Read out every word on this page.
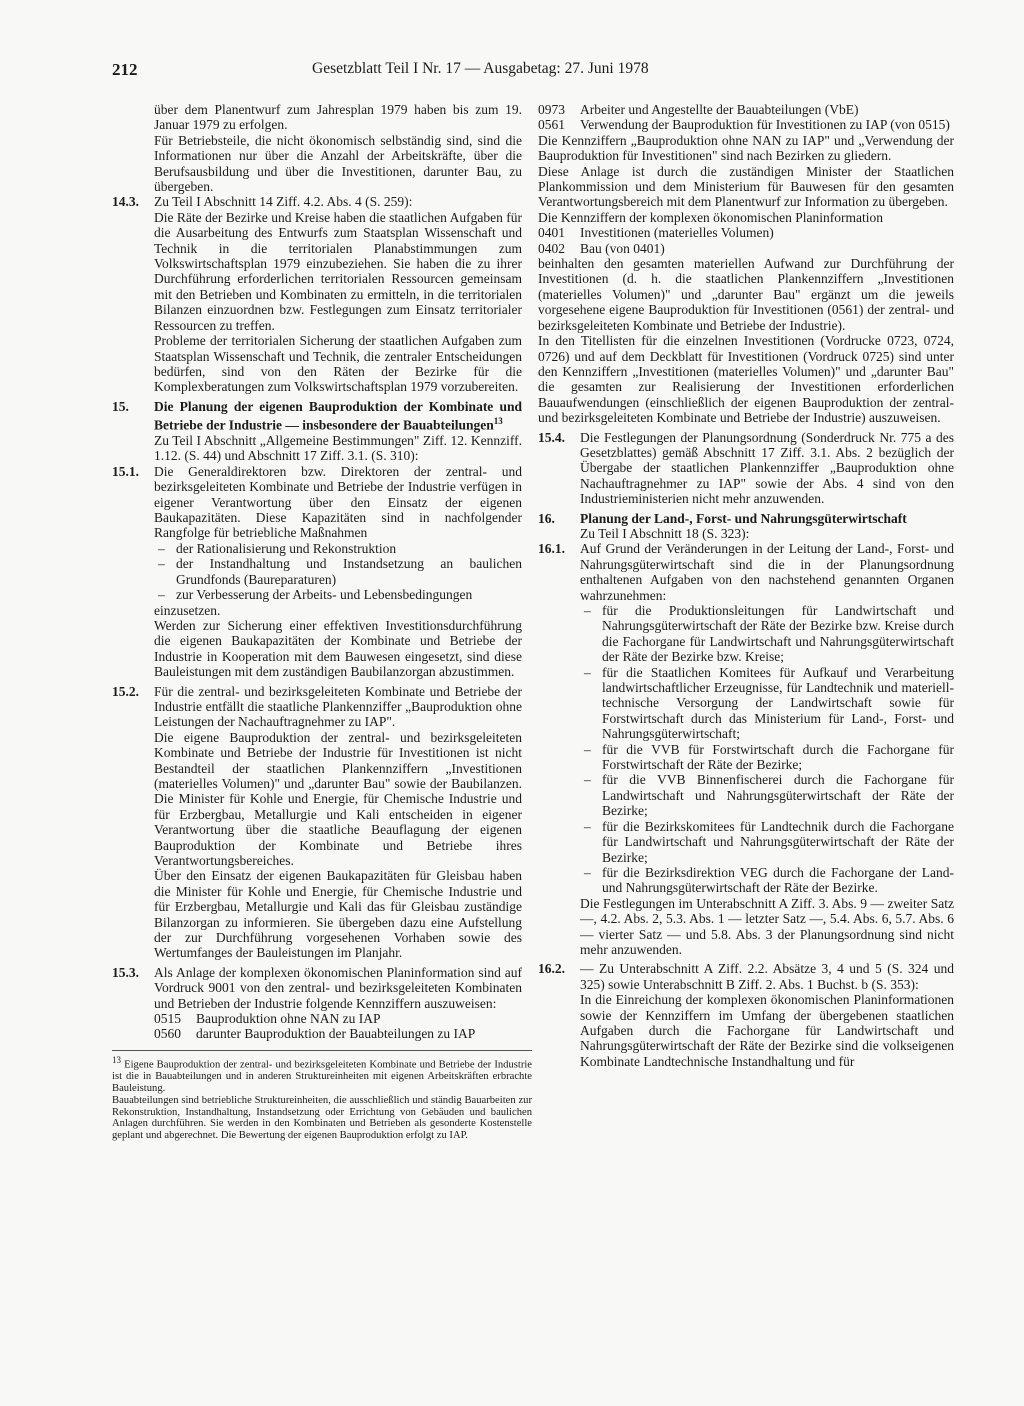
212	Gesetzblatt Teil I Nr. 17 — Ausgabetag: 27. Juni 1978

über dem Planentwurf zum Jahresplan 1979 haben bis zum 19. Januar 1979 zu erfolgen.

Für Betriebsteile, die nicht ökonomisch selbständig sind, sind die Informationen nur über die Anzahl der Arbeitskräfte, über die Berufsausbildung und über die Investitionen, darunter Bau, zu übergeben.

14.3.	Zu Teil I Abschnitt 14 Ziff. 4.2. Abs. 4 (S. 259):

Die Räte der Bezirke und Kreise haben die staatlichen Aufgaben für die Ausarbeitung des Entwurfs zum Staatsplan Wissenschaft und Technik in die territorialen Planabstimmungen zum Volkswirtschaftsplan 1979 einzubeziehen. Sie haben die zu ihrer Durchführung erforderlichen territorialen Ressourcen gemeinsam mit den Betrieben und Kombinaten zu ermitteln, in die territorialen Bilanzen einzuordnen bzw. Festlegungen zum Einsatz territorialer Ressourcen zu treffen.

Probleme der territorialen Sicherung der staatlichen Aufgaben zum Staatsplan Wissenschaft und Technik, die zentraler Entscheidungen bedürfen, sind von den Räten der Bezirke für die Komplexberatungen zum Volkswirtschaftsplan 1979 vorzubereiten.

15.	Die Planung der eigenen Bauproduktion der Kombinate und Betriebe der Industrie — insbesondere der Bauabteilungen$^{13}$

Zu Teil I Abschnitt „Allgemeine Bestimmungen" Ziff. 12. Kennziff. 1.12. (S. 44) und Abschnitt 17 Ziff. 3.1. (S. 310):

15.1.	Die Generaldirektoren bzw. Direktoren der zentral- und bezirksgeleiteten Kombinate und Betriebe der Industrie verfügen in eigener Verantwortung über den Einsatz der eigenen Baukapazitäten. Diese Kapazitäten sind in nachfolgender Rangfolge für betriebliche Maßnahmen

– der Rationalisierung und Rekonstruktion
– der Instandhaltung und Instandsetzung an baulichen Grundfonds (Baureparaturen)
– zur Verbesserung der Arbeits- und Lebensbedingungen

einzusetzen.

Werden zur Sicherung einer effektiven Investitionsdurchführung die eigenen Baukapazitäten der Kombinate und Betriebe der Industrie in Kooperation mit dem Bauwesen eingesetzt, sind diese Bauleistungen mit dem zuständigen Baubilanzorgan abzustimmen.

15.2.	Für die zentral- und bezirksgeleiteten Kombinate und Betriebe der Industrie entfällt die staatliche Plankennziffer „Bauproduktion ohne Leistungen der Nachauftragnehmer zu IAP".

Die eigene Bauproduktion der zentral- und bezirksgeleiteten Kombinate und Betriebe der Industrie für Investitionen ist nicht Bestandteil der staatlichen Plankennziffern „Investitionen (materielles Volumen)" und „darunter Bau" sowie der Baubilanzen. Die Minister für Kohle und Energie, für Chemische Industrie und für Erzbergbau, Metallurgie und Kali entscheiden in eigener Verantwortung über die staatliche Beauflagung der eigenen Bauproduktion der Kombinate und Betriebe ihres Verantwortungsbereiches.

Über den Einsatz der eigenen Baukapazitäten für Gleisbau haben die Minister für Kohle und Energie, für Chemische Industrie und für Erzbergbau, Metallurgie und Kali das für Gleisbau zuständige Bilanzorgan zu informieren. Sie übergeben dazu eine Aufstellung der zur Durchführung vorgesehenen Vorhaben sowie des Wertumfanges der Bauleistungen im Planjahr.

15.3.	Als Anlage der komplexen ökonomischen Planinformation sind auf Vordruck 9001 von den zentral- und bezirksgeleiteten Kombinaten und Betrieben der Industrie folgende Kennziffern auszuweisen:

0515	Bauproduktion ohne NAN zu IAP
0560	darunter Bauproduktion der Bauabteilungen zu IAP

$^{13}$ Eigene Bauproduktion der zentral- und bezirksgeleiteten Kombinate und Betriebe der Industrie ist die in Bauabteilungen und in anderen Struktureinheiten mit eigenen Arbeitskräften erbrachte Bauleistung.

Bauabteilungen sind betriebliche Struktureinheiten, die ausschließlich und ständig Bauarbeiten zur Rekonstruktion, Instandhaltung, Instandsetzung oder Errichtung von Gebäuden und baulichen Anlagen durchführen. Sie werden in den Kombinaten und Betrieben als gesonderte Kostenstelle geplant und abgerechnet. Die Bewertung der eigenen Bauproduktion erfolgt zu IAP.

0973	Arbeiter und Angestellte der Bauabteilungen (VbE)
0561	Verwendung der Bauproduktion für Investitionen zu IAP (von 0515)

Die Kennziffern „Bauproduktion ohne NAN zu IAP" und „Verwendung der Bauproduktion für Investitionen" sind nach Bezirken zu gliedern.

Diese Anlage ist durch die zuständigen Minister der Staatlichen Plankommission und dem Ministerium für Bauwesen für den gesamten Verantwortungsbereich mit dem Planentwurf zur Information zu übergeben.

Die Kennziffern der komplexen ökonomischen Planinformation

0401	Investitionen (materielles Volumen)
0402	Bau (von 0401)

beinhalten den gesamten materiellen Aufwand zur Durchführung der Investitionen (d. h. die staatlichen Plankennziffern „Investitionen (materielles Volumen)" und „darunter Bau" ergänzt um die jeweils vorgesehene eigene Bauproduktion für Investitionen (0561) der zentral- und bezirksgeleiteten Kombinate und Betriebe der Industrie).

In den Titellisten für die einzelnen Investitionen (Vordrucke 0723, 0724, 0726) und auf dem Deckblatt für Investitionen (Vordruck 0725) sind unter den Kennziffern „Investitionen (materielles Volumen)" und „darunter Bau" die gesamten zur Realisierung der Investitionen erforderlichen Bauaufwendungen (einschließlich der eigenen Bauproduktion der zentral- und bezirksgeleiteten Kombinate und Betriebe der Industrie) auszuweisen.

15.4.	Die Festlegungen der Planungsordnung (Sonderdruck Nr. 775 a des Gesetzblattes) gemäß Abschnitt 17 Ziff. 3.1. Abs. 2 bezüglich der Übergabe der staatlichen Plankennziffer „Bauproduktion ohne Nachauftragnehmer zu IAP" sowie der Abs. 4 sind von den Industrieministerien nicht mehr anzuwenden.

16.	Planung der Land-, Forst- und Nahrungsgüterwirtschaft

Zu Teil I Abschnitt 18 (S. 323):

16.1.	Auf Grund der Veränderungen in der Leitung der Land-, Forst- und Nahrungsgüterwirtschaft sind die in der Planungsordnung enthaltenen Aufgaben von den nachstehend genannten Organen wahrzunehmen:

– für die Produktionsleitungen für Landwirtschaft und Nahrungsgüterwirtschaft der Räte der Bezirke bzw. Kreise durch die Fachorgane für Landwirtschaft und Nahrungsgüterwirtschaft der Räte der Bezirke bzw. Kreise;
– für die Staatlichen Komitees für Aufkauf und Verarbeitung landwirtschaftlicher Erzeugnisse, für Landtechnik und materiell-technische Versorgung der Landwirtschaft sowie für Forstwirtschaft durch das Ministerium für Land-, Forst- und Nahrungsgüterwirtschaft;
– für die VVB für Forstwirtschaft durch die Fachorgane für Forstwirtschaft der Räte der Bezirke;
– für die VVB Binnenfischerei durch die Fachorgane für Landwirtschaft und Nahrungsgüterwirtschaft der Räte der Bezirke;
– für die Bezirkskomitees für Landtechnik durch die Fachorgane für Landwirtschaft und Nahrungsgüterwirtschaft der Räte der Bezirke;
– für die Bezirksdirektion VEG durch die Fachorgane der Land- und Nahrungsgüterwirtschaft der Räte der Bezirke.

Die Festlegungen im Unterabschnitt A Ziff. 3. Abs. 9 — zweiter Satz —, 4.2. Abs. 2, 5.3. Abs. 1 — letzter Satz —, 5.4. Abs. 6, 5.7. Abs. 6 — vierter Satz — und 5.8. Abs. 3 der Planungsordnung sind nicht mehr anzuwenden.

16.2.	— Zu Unterabschnitt A Ziff. 2.2. Absätze 3, 4 und 5 (S. 324 und 325) sowie Unterabschnitt B Ziff. 2. Abs. 1 Buchst. b (S. 353):

In die Einreichung der komplexen ökonomischen Planinformationen sowie der Kennziffern im Umfang der übergebenen staatlichen Aufgaben durch die Fachorgane für Landwirtschaft und Nahrungsgüterwirtschaft der Räte der Bezirke sind die volkseigenen Kombinate Landtechnische Instandhaltung und für
